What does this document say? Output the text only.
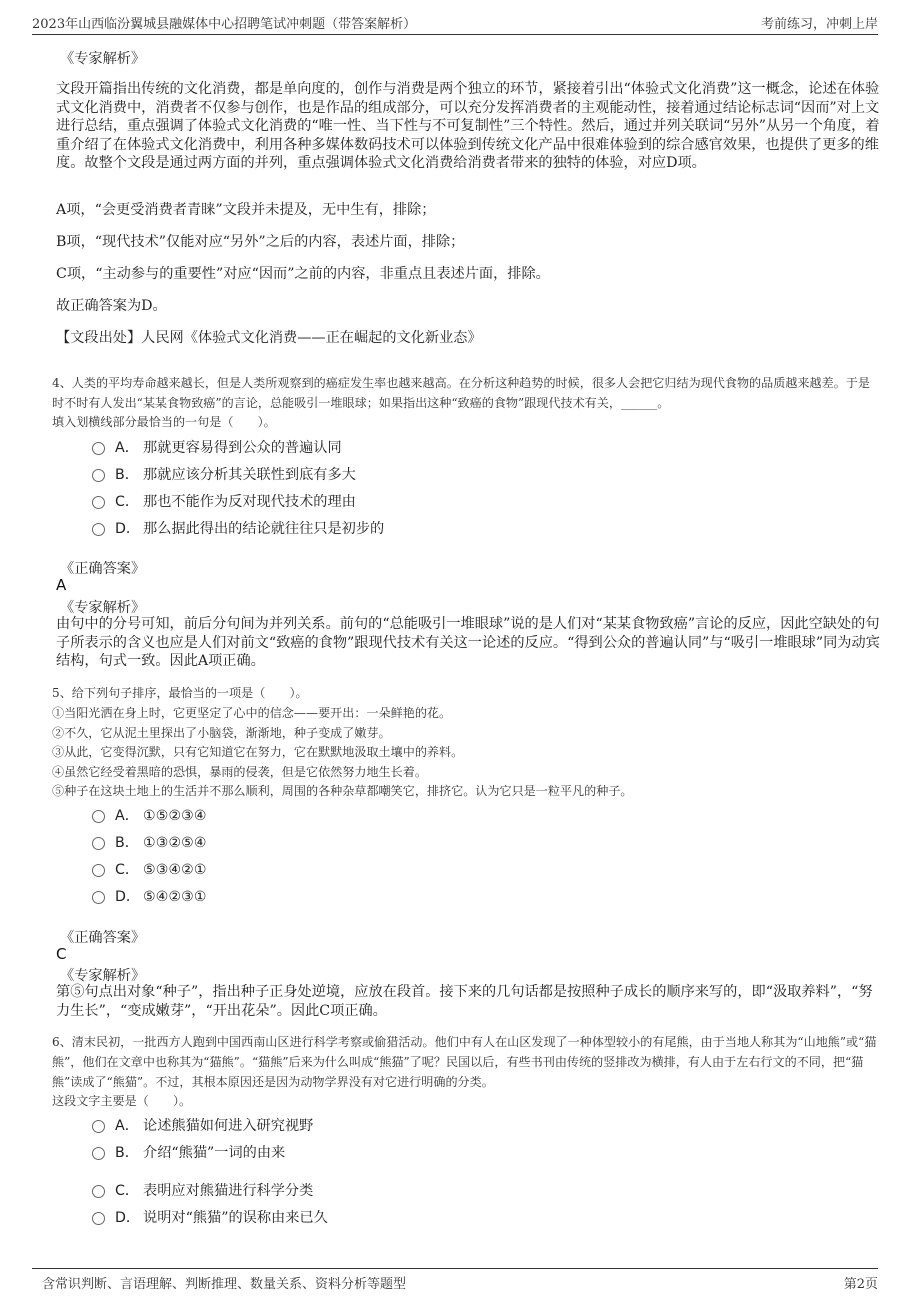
2023年山西临汾翼城县融媒体中心招聘笔试冲刺题（带答案解析）	考前练习，冲刺上岸
《专家解析》
文段开篇指出传统的文化消费，都是单向度的，创作与消费是两个独立的环节，紧接着引出“体验式文化消费”这一概念，论述在体验式文化消费中，消费者不仅参与创作，也是作品的组成部分，可以充分发挥消费者的主观能动性，接着通过结论标志词“因而”对上文进行总结，重点强调了体验式文化消费的“唯一性、当下性与不可复制性”三个特性。然后，通过并列关联词“另外”从另一个角度，着重介绍了在体验式文化消费中，利用各种多媒体数码技术可以体验到传统文化产品中很难体验到的综合感官效果，也提供了更多的维度。故整个文段是通过两方面的并列，重点强调体验式文化消费给消费者带来的独特的体验，对应D项。
A项，“会更受消费者青睐”文段并未提及，无中生有，排除；
B项，“现代技术”仅能对应“另外”之后的内容，表述片面，排除；
C项，“主动参与的重要性”对应“因而”之前的内容，非重点且表述片面，排除。
故正确答案为D。
【文段出处】人民网《体验式文化消费——正在崛起的文化新业态》
4、人类的平均寿命越来越长，但是人类所观察到的癌症发生率也越来越高。在分析这种趋势的时候，很多人会把它归结为现代食物的品质越来越差。于是时不时有人发出“某某食物致癌”的言论，总能吸引一堆眼球；如果指出这种“致癌的食物”跟现代技术有关，______。
填入划横线部分最恰当的一句是（　　）。
A． 那就更容易得到公众的普遍认同
B． 那就应该分析其关联性到底有多大
C． 那也不能作为反对现代技术的理由
D． 那么据此得出的结论就往往只是初步的
《正确答案》
A
《专家解析》
由句中的分号可知，前后分句间为并列关系。前句的“总能吸引一堆眼球”说的是人们对“某某食物致癌”言论的反应，因此空缺处的句子所表示的含义也应是人们对前文“致癌的食物”跟现代技术有关这一论述的反应。“得到公众的普遍认同”与“吸引一堆眼球”同为动宾结构，句式一致。因此A项正确。
5、给下列句子排序，最恰当的一项是（　　）。
①当阳光洒在身上时，它更坚定了心中的信念——要开出：一朵鲜艳的花。
②不久，它从泥土里探出了小脑袋，渐渐地，种子变成了嫩芽。
③从此，它变得沉默，只有它知道它在努力，它在默默地汲取土壤中的养料。
④虽然它经受着黑暗的恐惧，暴雨的侵袭，但是它依然努力地生长着。
⑤种子在这块土地上的生活并不那么顺利，周围的各种杂草都嘲笑它，排挤它。认为它只是一粒平凡的种子。
A． ①⑤②③④
B． ①③②⑤④
C． ⑤③④②①
D． ⑤④②③①
《正确答案》
C
《专家解析》
第⑤句点出对象“种子”，指出种子正身处逆境，应放在段首。接下来的几句话都是按照种子成长的顺序来写的，即“汲取养料”，“努力生长”，“变成嫩芽”，“开出花朵”。因此C项正确。
6、清末民初，一批西方人跑到中国西南山区进行科学考察或偷猎活动。他们中有人在山区发现了一种体型较小的有尾熊，由于当地人称其为“山地熊”或“猫熊”，他们在文章中也称其为“猫熊”。“猫熊”后来为什么叫成“熊猫”了呢？民国以后，有些书刊由传统的竖排改为横排，有人由于左右行文的不同，把“猫熊”读成了“熊猫”。不过，其根本原因还是因为动物学界没有对它进行明确的分类。
这段文字主要是（　　）。
A． 论述熊猫如何进入研究视野
B． 介绍“熊猫”一词的由来
C． 表明应对熊猫进行科学分类
D． 说明对“熊猫”的误称由来已久
含常识判断、言语理解、判断推理、数量关系、资料分析等题型	第2页
